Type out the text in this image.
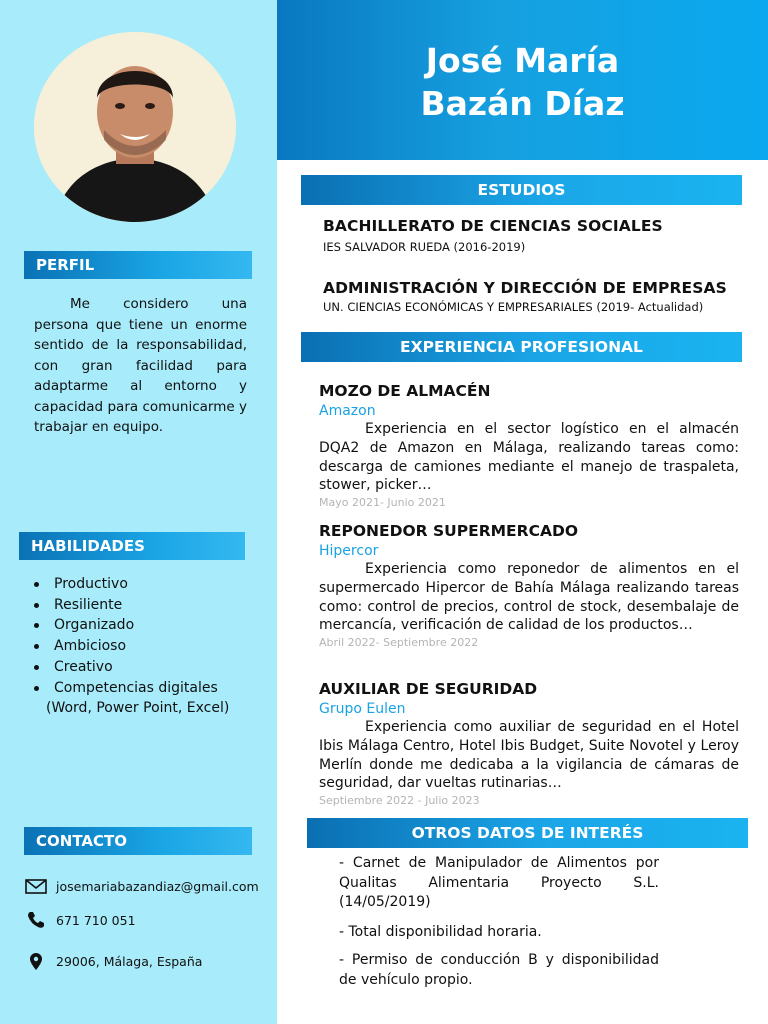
PERFIL

Me considero una persona que tiene un enorme sentido de la responsabilidad, con gran facilidad para adaptarme al entorno y capacidad para comunicarme y trabajar en equipo.

HABILIDADES
Productivo
Resiliente
Organizado
Ambicioso
Creativo
Competencias digitales
(Word, Power Point, Excel)
CONTACTO
josemariabazandiaz@gmail.com
671 710 051
29006, Málaga, España
José María
Bazán Díaz
ESTUDIOS
BACHILLERATO DE CIENCIAS SOCIALES
IES SALVADOR RUEDA (2016-2019)
ADMINISTRACIÓN Y DIRECCIÓN DE EMPRESAS
UN. CIENCIAS ECONÓMICAS Y EMPRESARIALES (2019- Actualidad)
EXPERIENCIA PROFESIONAL
MOZO DE ALMACÉN
Amazon
Experiencia en el sector logístico en el almacén DQA2 de Amazon en Málaga, realizando tareas como: descarga de camiones mediante el manejo de traspaleta, stower, picker…
Mayo 2021- Junio 2021
REPONEDOR SUPERMERCADO
Hipercor
Experiencia como reponedor de alimentos en el supermercado Hipercor de Bahía Málaga realizando tareas como: control de precios, control de stock, desembalaje de mercancía, verificación de calidad de los productos…
Abril 2022- Septiembre 2022
AUXILIAR DE SEGURIDAD
Grupo Eulen
Experiencia como auxiliar de seguridad en el Hotel Ibis Málaga Centro, Hotel Ibis Budget, Suite Novotel y Leroy Merlín donde me dedicaba a la vigilancia de cámaras de seguridad, dar vueltas rutinarias…
Septiembre 2022 - Julio 2023
OTROS DATOS DE INTERÉS
- Carnet de Manipulador de Alimentos por Qualitas Alimentaria Proyecto S.L. (14/05/2019)
- Total disponibilidad horaria.
- Permiso de conducción B y disponibilidad de vehículo propio.
